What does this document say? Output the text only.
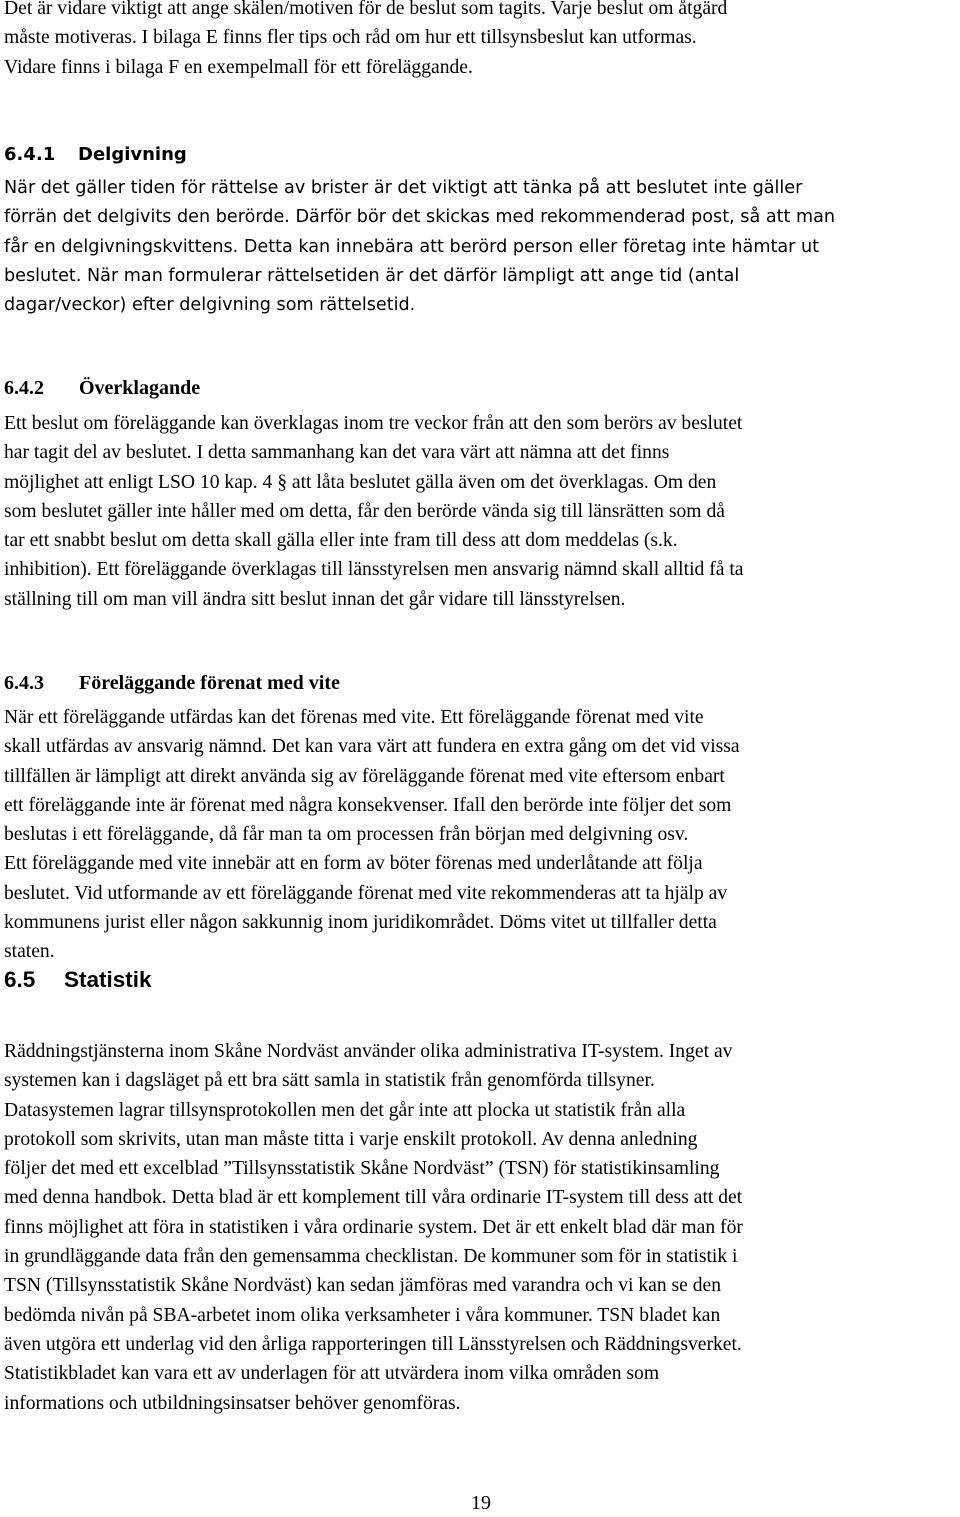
Det är vidare viktigt att ange skälen/motiven för de beslut som tagits. Varje beslut om åtgärd

måste motiveras. I bilaga E finns fler tips och råd om hur ett tillsynsbeslut kan utformas.

Vidare finns i bilaga F en exempelmall för ett föreläggande.

6.4.1 Delgivning

När det gäller tiden för rättelse av brister är det viktigt att tänka på att beslutet inte gäller

förrän det delgivits den berörde. Därför bör det skickas med rekommenderad post, så att man

får en delgivningskvittens. Detta kan innebära att berörd person eller företag inte hämtar ut

beslutet. När man formulerar rättelsetiden är det därför lämpligt att ange tid (antal

dagar/veckor) efter delgivning som rättelsetid.

6.4.2 Överklagande

Ett beslut om föreläggande kan överklagas inom tre veckor från att den som berörs av beslutet

har tagit del av beslutet. I detta sammanhang kan det vara värt att nämna att det finns

möjlighet att enligt LSO 10 kap. 4 § att låta beslutet gälla även om det överklagas. Om den

som beslutet gäller inte håller med om detta, får den berörde vända sig till länsrätten som då

tar ett snabbt beslut om detta skall gälla eller inte fram till dess att dom meddelas (s.k.

inhibition). Ett föreläggande överklagas till länsstyrelsen men ansvarig nämnd skall alltid få ta

ställning till om man vill ändra sitt beslut innan det går vidare till länsstyrelsen.

6.4.3 Föreläggande förenat med vite

När ett föreläggande utfärdas kan det förenas med vite. Ett föreläggande förenat med vite

skall utfärdas av ansvarig nämnd. Det kan vara värt att fundera en extra gång om det vid vissa

tillfällen är lämpligt att direkt använda sig av föreläggande förenat med vite eftersom enbart

ett föreläggande inte är förenat med några konsekvenser. Ifall den berörde inte följer det som

beslutas i ett föreläggande, då får man ta om processen från början med delgivning osv.

Ett föreläggande med vite innebär att en form av böter förenas med underlåtande att följa

beslutet. Vid utformande av ett föreläggande förenat med vite rekommenderas att ta hjälp av

kommunens jurist eller någon sakkunnig inom juridikområdet. Döms vitet ut tillfaller detta

staten.

6.5 Statistik

Räddningstjänsterna inom Skåne Nordväst använder olika administrativa IT-system. Inget av

systemen kan i dagsläget på ett bra sätt samla in statistik från genomförda tillsyner.

Datasystemen lagrar tillsynsprotokollen men det går inte att plocka ut statistik från alla

protokoll som skrivits, utan man måste titta i varje enskilt protokoll. Av denna anledning

följer det med ett excelblad ”Tillsynsstatistik Skåne Nordväst” (TSN) för statistikinsamling

med denna handbok. Detta blad är ett komplement till våra ordinarie IT-system till dess att det

finns möjlighet att föra in statistiken i våra ordinarie system. Det är ett enkelt blad där man för

in grundläggande data från den gemensamma checklistan. De kommuner som för in statistik i

TSN (Tillsynsstatistik Skåne Nordväst) kan sedan jämföras med varandra och vi kan se den

bedömda nivån på SBA-arbetet inom olika verksamheter i våra kommuner. TSN bladet kan

även utgöra ett underlag vid den årliga rapporteringen till Länsstyrelsen och Räddningsverket.

Statistikbladet kan vara ett av underlagen för att utvärdera inom vilka områden som

informations och utbildningsinsatser behöver genomföras.

19
